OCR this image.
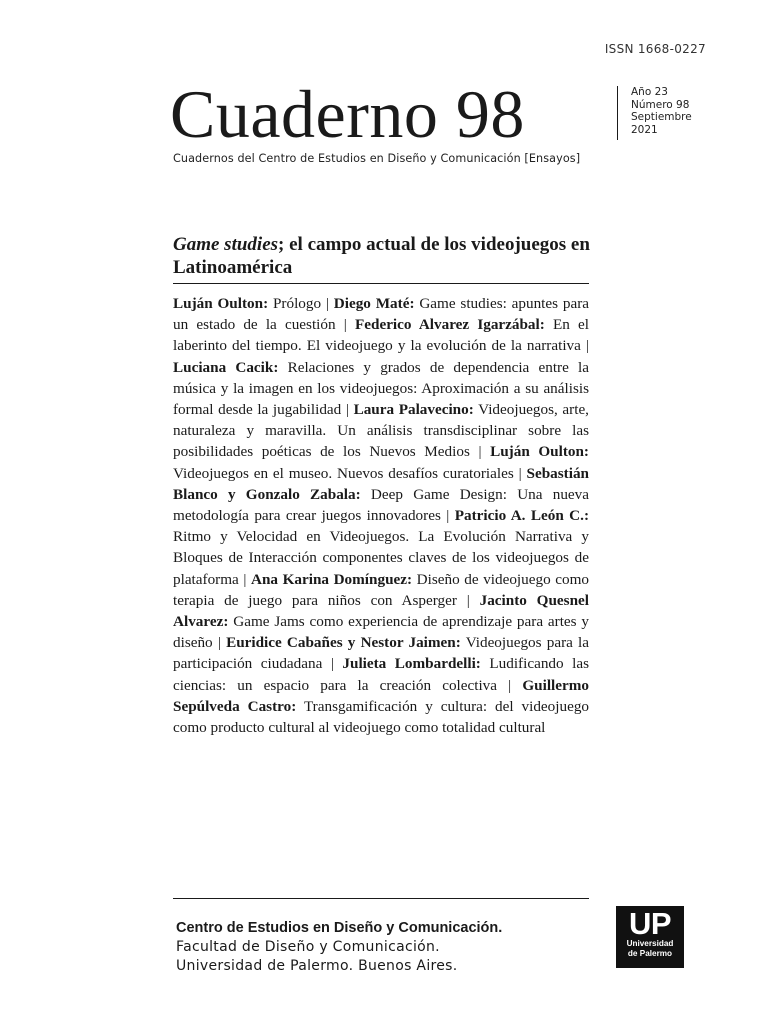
ISSN 1668-0227
Cuaderno 98	Año 23
Número 98
Septiembre
2021
Cuadernos del Centro de Estudios en Diseño y Comunicación [Ensayos]
Game studies; el campo actual de los videojuegos en Latinoamérica
Luján Oulton: Prólogo | Diego Maté: Game studies: apuntes para un estado de la cuestión | Federico Alvarez Igarzábal: En el laberinto del tiempo. El videojuego y la evolución de la narrativa | Luciana Cacik: Relaciones y grados de dependencia entre la música y la imagen en los videojuegos: Aproximación a su análisis formal desde la jugabilidad | Laura Palavecino: Videojuegos, arte, naturaleza y maravilla. Un análisis transdisciplinar sobre las posibilidades poéticas de los Nuevos Medios | Luján Oulton: Videojuegos en el museo. Nuevos desafíos curatoriales | Sebastián Blanco y Gonzalo Zabala: Deep Game Design: Una nueva metodología para crear juegos innovadores | Patricio A. León C.: Ritmo y Velocidad en Videojuegos. La Evolución Narrativa y Bloques de Interacción componentes claves de los videojuegos de plataforma | Ana Karina Domínguez: Diseño de videojuego como terapia de juego para niños con Asperger | Jacinto Quesnel Alvarez: Game Jams como experiencia de aprendizaje para artes y diseño | Euridice Cabañes y Nestor Jaimen: Videojuegos para la participación ciudadana | Julieta Lombardelli: Ludificando las ciencias: un espacio para la creación colectiva | Guillermo Sepúlveda Castro: Transgamificación y cultura: del videojuego como producto cultural al videojuego como totalidad cultural
Centro de Estudios en Diseño y Comunicación.
Facultad de Diseño y Comunicación.
Universidad de Palermo. Buenos Aires.
UP
Universidad
de Palermo
